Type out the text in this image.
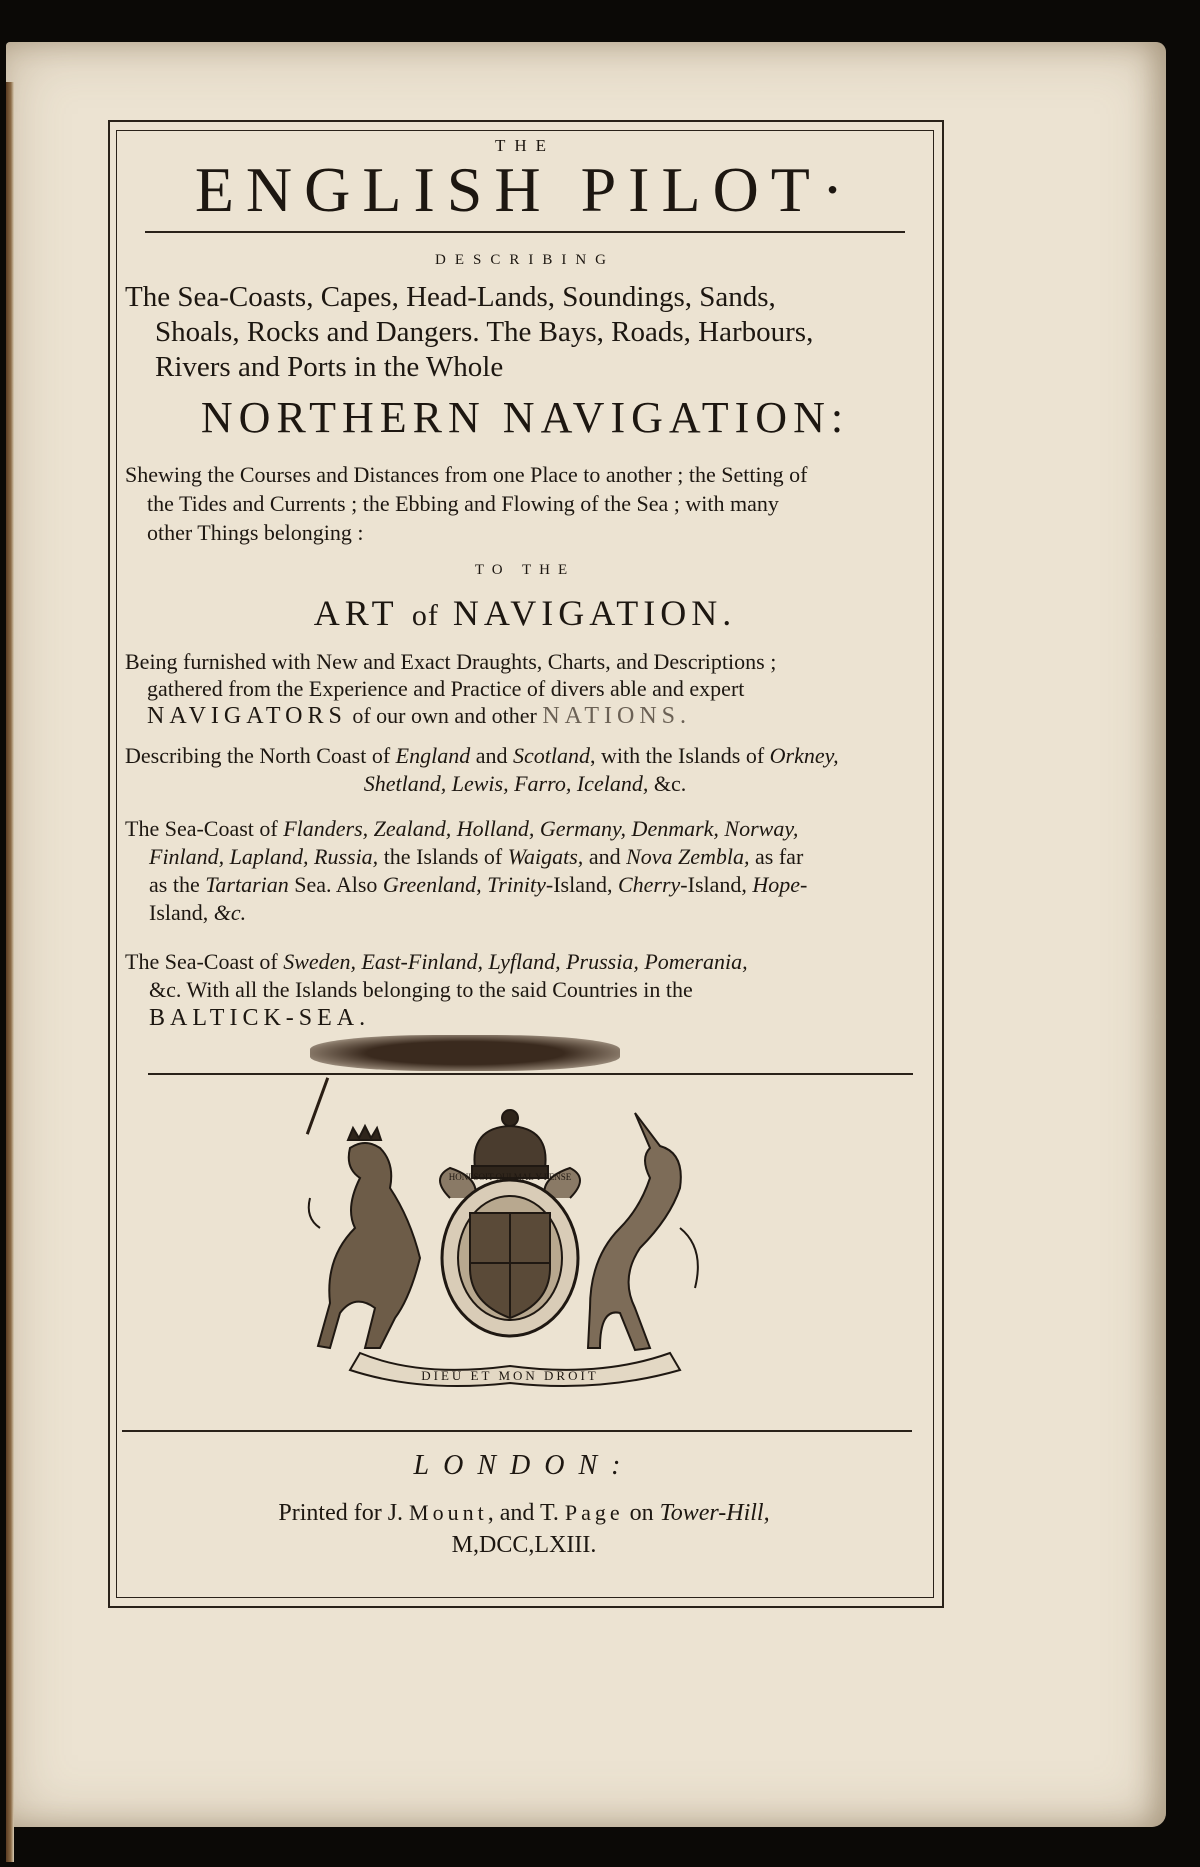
THE
ENGLISH PILOT·
DESCRIBING
The Sea-Coasts, Capes, Head-Lands, Soundings, Sands,
Shoals, Rocks and Dangers. The Bays, Roads, Harbours,
Rivers and Ports in the Whole
NORTHERN NAVIGATION:
Shewing the Courses and Distances from one Place to another ; the Setting of
the Tides and Currents ; the Ebbing and Flowing of the Sea ; with many
other Things belonging :
TO THE
ART of NAVIGATION.
Being furnished with New and Exact Draughts, Charts, and Descriptions ;
gathered from the Experience and Practice of divers able and expert
NAVIGATORS of our own and other NATIONS.
Describing the North Coast of England and Scotland, with the Islands of Orkney,
Shetland, Lewis, Farro, Iceland, &c.
The Sea-Coast of Flanders, Zealand, Holland, Germany, Denmark, Norway,
Finland, Lapland, Russia, the Islands of Waigats, and Nova Zembla, as far
as the Tartarian Sea. Also Greenland, Trinity-Island, Cherry-Island, Hope-
Island, &c.
The Sea-Coast of Sweden, East-Finland, Lyfland, Prussia, Pomerania,
&c. With all the Islands belonging to the said Countries in the
BALTICK-SEA.
HONI SOIT QUI MAL Y PENSE
DIEU ET MON DROIT
LONDON:
Printed for J. Mount, and T. Page on Tower-Hill,
M,DCC,LXIII.
